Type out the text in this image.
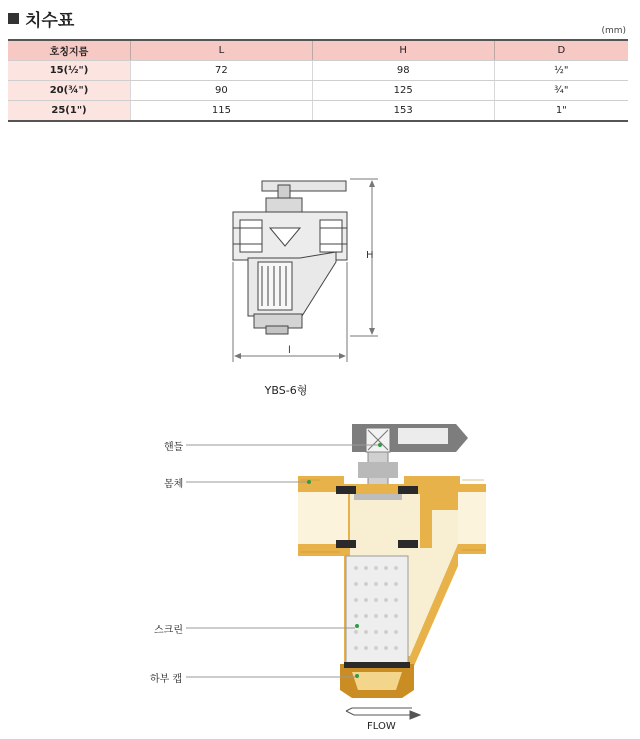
치수표	(mm)
호칭지름	L	H	D
15(½")	72	98	½"
20(¾")	90	125	¾"
25(1")	115	153	1"
H
l
YBS-6형
핸들
몸체
스크린
하부 캡
FLOW
